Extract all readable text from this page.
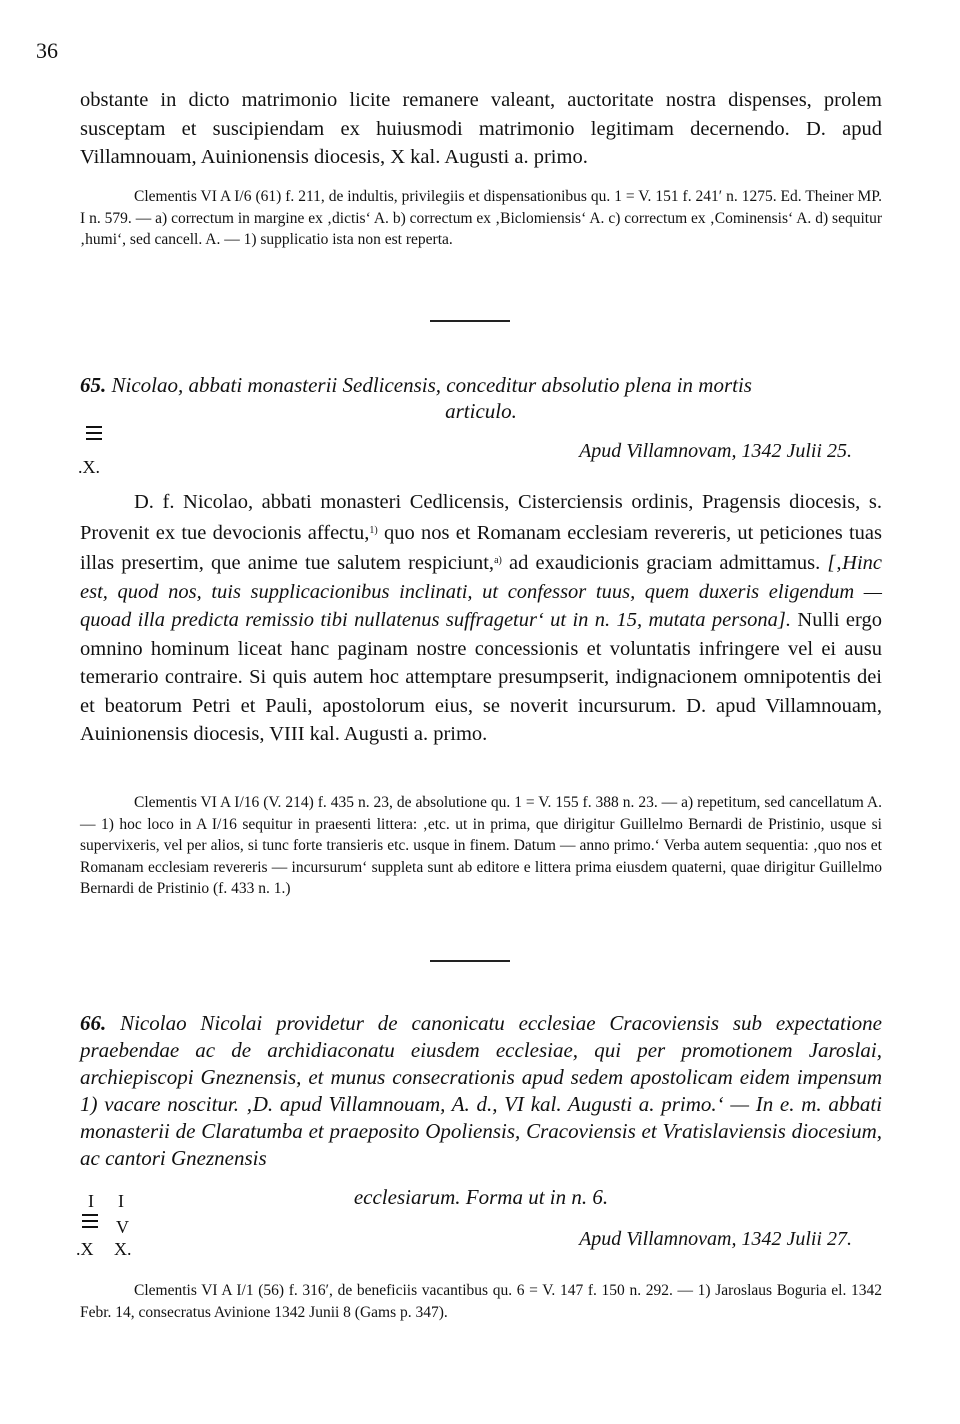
36

obstante in dicto matrimonio licite remanere valeant, auctoritate nostra dispenses, prolem susceptam et suscipiendam ex huiusmodi matrimonio legitimam decernendo. D. apud Villamnouam, Auinionensis diocesis, X kal. Augusti a. primo.

Clementis VI A I/6 (61) f. 211, de indultis, privilegiis et dispensationibus qu. 1 = V. 151 f. 241′ n. 1275. Ed. Theiner MP. I n. 579. — a) correctum in margine ex ‚dictis‘ A. b) correctum ex ‚Biclomiensis‘ A. c) correctum ex ‚Cominensis‘ A. d) sequitur ‚humi‘, sed cancell. A. — 1) supplicatio ista non est reperta.

65. Nicolao, abbati monasterii Sedlicensis, conceditur absolutio plena in mortis

articulo.
.X.
Apud Villamnovam, 1342 Julii 25.

D. f. Nicolao, abbati monasteri Cedlicensis, Cisterciensis ordinis, Pragensis diocesis, s. Provenit ex tue devocionis affectu,$^{1)}$ quo nos et Romanam ecclesiam revereris, ut peticiones tuas illas presertim, que anime tue salutem respiciunt,$^{a)}$ ad exaudicionis graciam admittamus. [‚Hinc est, quod nos, tuis supplicacionibus inclinati, ut confessor tuus, quem duxeris eligendum — quoad illa predicta remissio tibi nullatenus suffragetur‘ ut in n. 15, mutata persona]. Nulli ergo omnino hominum liceat hanc paginam nostre concessionis et voluntatis infringere vel ei ausu temerario contraire. Si quis autem hoc attemptare presumpserit, indignacionem omnipotentis dei et beatorum Petri et Pauli, apostolorum eius, se noverit incursurum. D. apud Villamnouam, Auinionensis diocesis, VIII kal. Augusti a. primo.

Clementis VI A I/16 (V. 214) f. 435 n. 23, de absolutione qu. 1 = V. 155 f. 388 n. 23. — a) repetitum, sed cancellatum A. — 1) hoc loco in A I/16 sequitur in praesenti littera: ‚etc. ut in prima, que dirigitur Guillelmo Bernardi de Pristinio, usque si supervixeris, vel per alios, si tunc forte transieris etc. usque in finem. Datum — anno primo.‘ Verba autem sequentia: ‚quo nos et Romanam ecclesiam revereris — incursurum‘ suppleta sunt ab editore e littera prima eiusdem quaterni, quae dirigitur Guillelmo Bernardi de Pristinio (f. 433 n. 1.)

66. Nicolao Nicolai providetur de canonicatu ecclesiae Cracoviensis sub expectatione praebendae ac de archidiaconatu eiusdem ecclesiae, qui per promotionem Jaroslai, archiepiscopi Gneznensis, et munus consecrationis apud sedem apostolicam eidem impensum 1) vacare noscitur. ‚D. apud Villamnouam, A. d., VI kal. Augusti a. primo.‘ — In e. m. abbati monasterii de Claratumba et praeposito Opoliensis, Cracoviensis et Vratislaviensis diocesium, ac cantori Gneznensis

ecclesiarum. Forma ut in n. 6.
I I
V
.X X.	Apud Villamnovam, 1342 Julii 27.

Clementis VI A I/1 (56) f. 316′, de beneficiis vacantibus qu. 6 = V. 147 f. 150 n. 292. — 1) Jaroslaus Boguria el. 1342 Febr. 14, consecratus Avinione 1342 Junii 8 (Gams p. 347).
